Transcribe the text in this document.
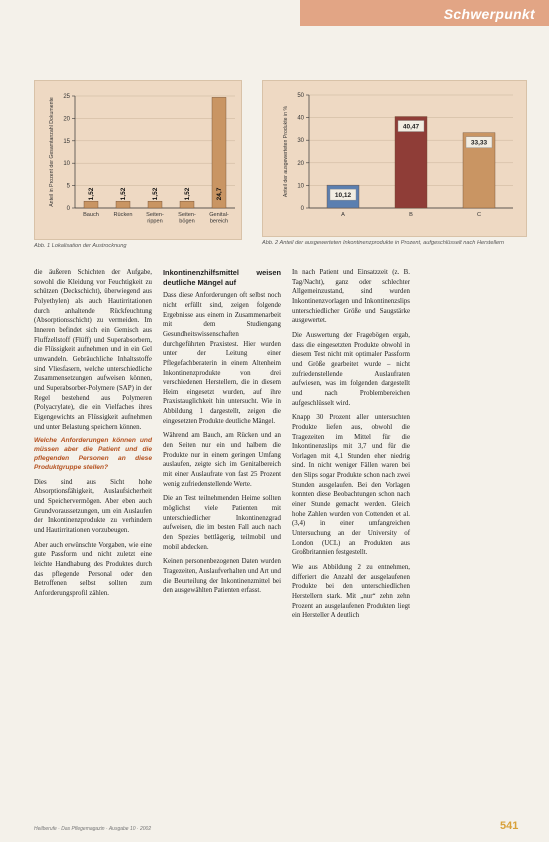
Schwerpunkt
Anteil in Prozent der Gesamtanzahl Dokumente
0
5
10
15
20
25
1,52
Bauch
1,52
Rücken
1,52
Seiten-
rippen
1,52
Seiten-
bögen
24,7
Genital-
bereich
Abb. 1 Lokalisation der Austrocknung
Anteil der ausgewerteten Produkte in %
0
10
20
30
40
50
10,12
A
40,47
B
33,33
C
Abb. 2 Anteil der ausgewerteten Inkontinenzprodukte in Prozent, aufgeschlüsselt nach Herstellern

die äußeren Schichten der Aufgabe, sowohl die Kleidung vor Feuchtigkeit zu schützen (Deckschicht), überwiegend aus Polyethylen) als auch Hautirritationen durch anhaltende Rückfeuchtung (Absorptionsschicht) zu vermeiden. Im Inneren befindet sich ein Gemisch aus Fluffzellstoff (Flüff) und Superabsorbern, die Flüssigkeit aufnehmen und in ein Gel umwandeln. Gebräuchliche Inhaltsstoffe sind Vliesfasern, welche unterschiedliche Zusammensetzungen aufweisen können, und Superabsorber-Polymere (SAP) in der Regel bestehend aus Polymeren (Polyacrylate), die ein Vielfaches ihres Eigengewichts an Flüssigkeit aufnehmen und unter Belastung speichern können.

Welche Anforderungen können und müssen aber die Patient und die pflegenden Personen an diese Produktgruppe stellen?

Dies sind aus Sicht hohe Absorptionsfähigkeit, Auslaufsicherheit und Speichervermögen. Aber eben auch Grundvoraussetzungen, um ein Auslaufen der Inkontinenzprodukte zu verhindern und Hautirritationen vorzubeugen.

Aber auch erwünschte Vorgaben, wie eine gute Passform und nicht zuletzt eine leichte Handhabung des Produktes durch das pflegende Personal oder den Betroffenen selbst sollten zum Anforderungsprofil zählen.

Inkontinenzhilfsmittel weisen deutliche Mängel auf

Dass diese Anforderungen oft selbst noch nicht erfüllt sind, zeigen folgende Ergebnisse aus einem in Zusammenarbeit mit dem Studiengang Gesundheitswissenschaften durchgeführten Praxistest. Hier wurden unter der Leitung einer Pflegefachberaterin in einem Altenheim Inkontinenzprodukte von drei verschiedenen Herstellern, die in diesem Heim eingesetzt wurden, auf ihre Praxistauglichkeit hin untersucht. Wie in Abbildung 1 dargestellt, zeigen die eingesetzten Produkte deutliche Mängel.

Während am Bauch, am Rücken und an den Seiten nur ein und halbem die Produkte nur in einem geringen Umfang auslaufen, zeigte sich im Genitalbereich mit einer Auslaufrate von fast 25 Prozent wenig zufriedenstellende Werte.

Die an Test teilnehmenden Heime sollten möglichst viele Patienten mit unterschiedlicher Inkontinenzgrad aufweisen, die im besten Fall auch nach den Spezies bettlägerig, teilmobil und mobil abdecken.

Keinen personenbezogenen Daten wurden Tragezeiten, Auslaufverhalten und Art und die Beurteilung der Inkontinenzmittel bei den ausgewählten Patienten erfasst.

In nach Patient und Einsatzzeit (z. B. Tag/Nacht), ganz oder schlechter Allgemeinzustand, sind wurden Inkontinenzvorlagen und Inkontinenzslips unterschiedlicher Größe und Saugstärke ausgewertet.

Die Auswertung der Fragebögen ergab, dass die eingesetzten Produkte obwohl in diesem Test nicht mit optimaler Passform und Größe gearbeitet wurde – nicht zufriedenstellende Auslaufraten aufwiesen, was im folgenden dargestellt und nach Problembereichen aufgeschlüsselt wird.

Knapp 30 Prozent aller untersuchten Produkte liefen aus, obwohl die Tragezeiten im Mittel für die Inkontinenzslips mit 3,7 und für die Vorlagen mit 4,1 Stunden eher niedrig sind. In nicht weniger Fällen waren bei den Slips sogar Produkte schon nach zwei Stunden ausgelaufen. Bei den Vorlagen konnten diese Beobachtungen schon nach einer Stunde gemacht werden. Gleich hohe Zahlen wurden von Cottenden et al. (3,4) in einer umfangreichen Untersuchung an der University of London (UCL) an Produkten aus Großbritannien festgestellt.

Wie aus Abbildung 2 zu entnehmen, differiert die Anzahl der ausgelaufenen Produkte bei den unterschiedlichen Herstellern stark. Mit „nur“ zehn zehn Prozent an ausgelaufenen Produkten liegt ein Hersteller A deutlich

Heilberufe · Das Pflegemagazin · Ausgabe 10 · 2002	541
